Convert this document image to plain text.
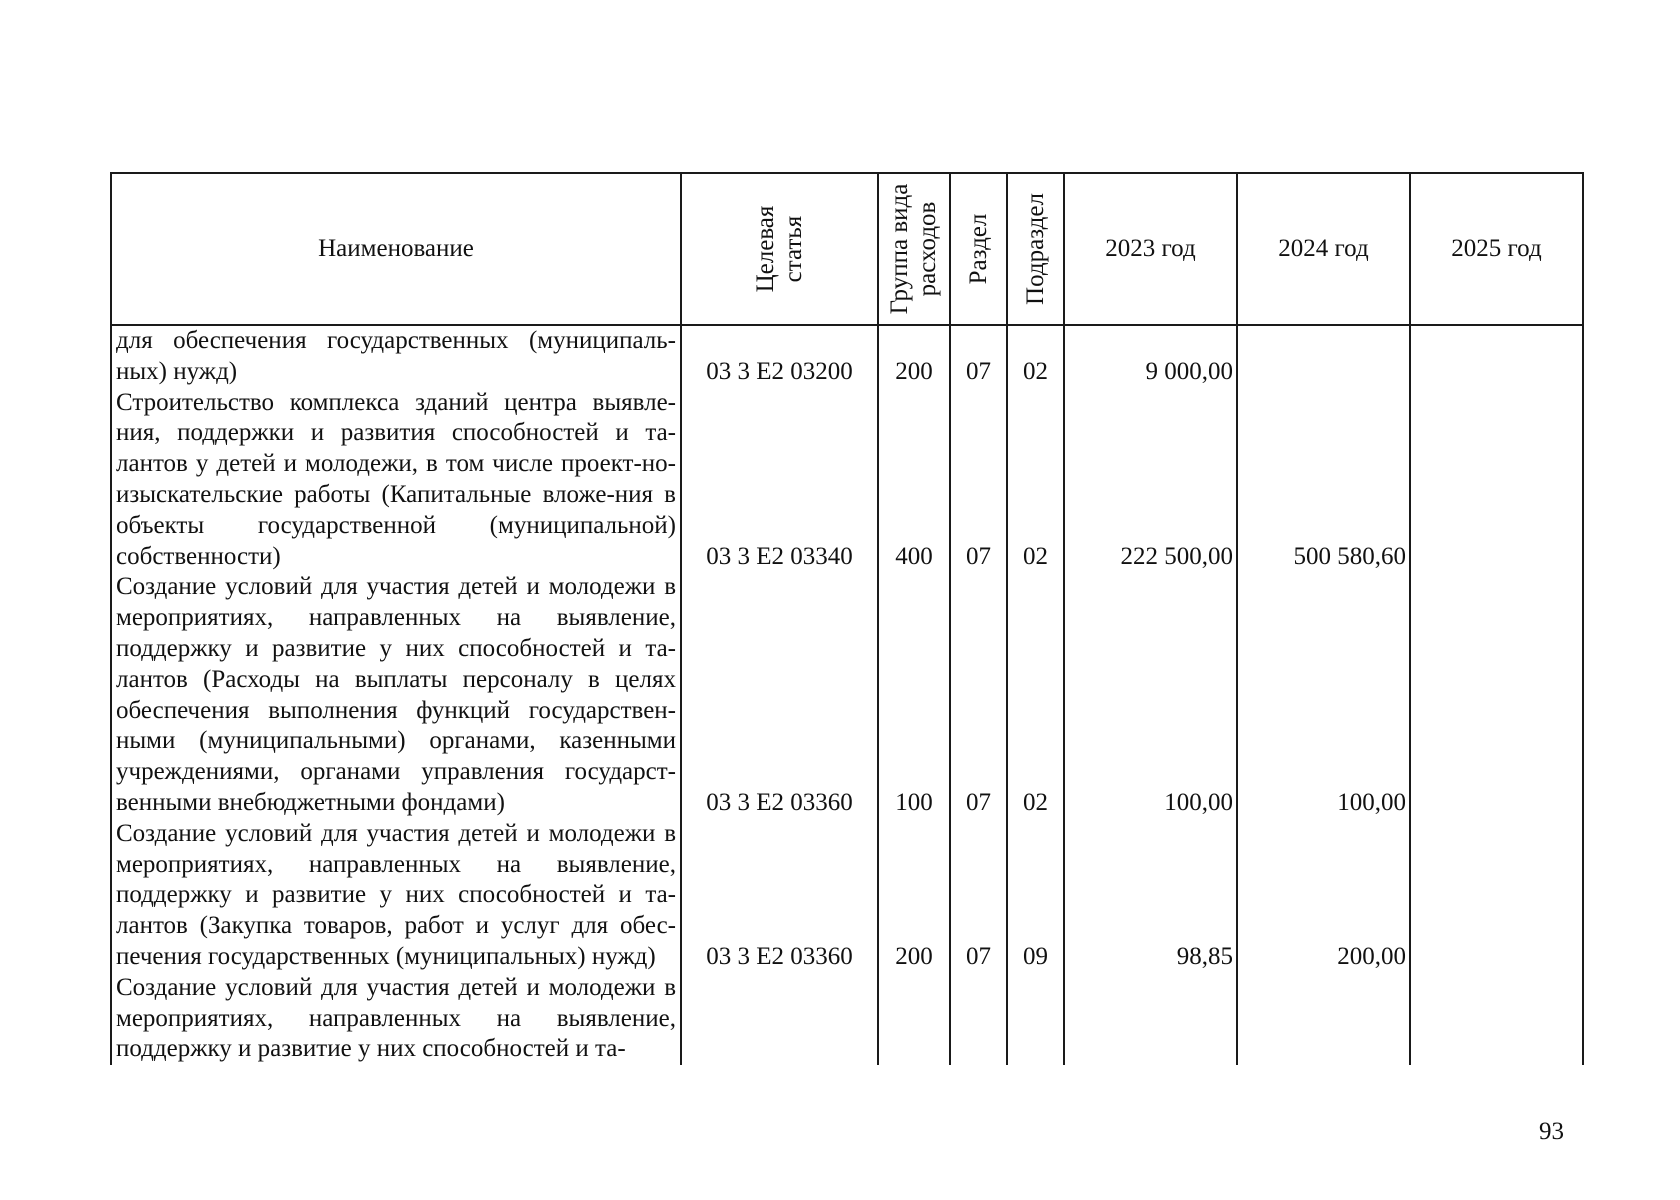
Наименование	Целевая статья	Группа вида расходов	Раздел	Подраздел	2023 год	2024 год	2025 год
для обеспечения государственных (муниципаль-ных) нужд)	03 3 Е2 03200	200	07	02	9 000,00		
Строительство комплекса зданий центра выявле-ния, поддержки и развития способностей и та-лантов у детей и молодежи, в том числе проект-но-изыскательские работы (Капитальные вложе-ния в объекты государственной (муниципальной) собственности)	03 3 Е2 03340	400	07	02	222 500,00	500 580,60	
Создание условий для участия детей и молодежи в мероприятиях, направленных на выявление, поддержку и развитие у них способностей и та-лантов (Расходы на выплаты персоналу в целях обеспечения выполнения функций государствен-ными (муниципальными) органами, казенными учреждениями, органами управления государст-венными внебюджетными фондами)	03 3 Е2 03360	100	07	02	100,00	100,00	
Создание условий для участия детей и молодежи в мероприятиях, направленных на выявление, поддержку и развитие у них способностей и та-лантов (Закупка товаров, работ и услуг для обес-печения государственных (муниципальных) нужд)	03 3 Е2 03360	200	07	09	98,85	200,00	
Создание условий для участия детей и молодежи в мероприятиях, направленных на выявление, поддержку и развитие у них способностей и та-							
93
